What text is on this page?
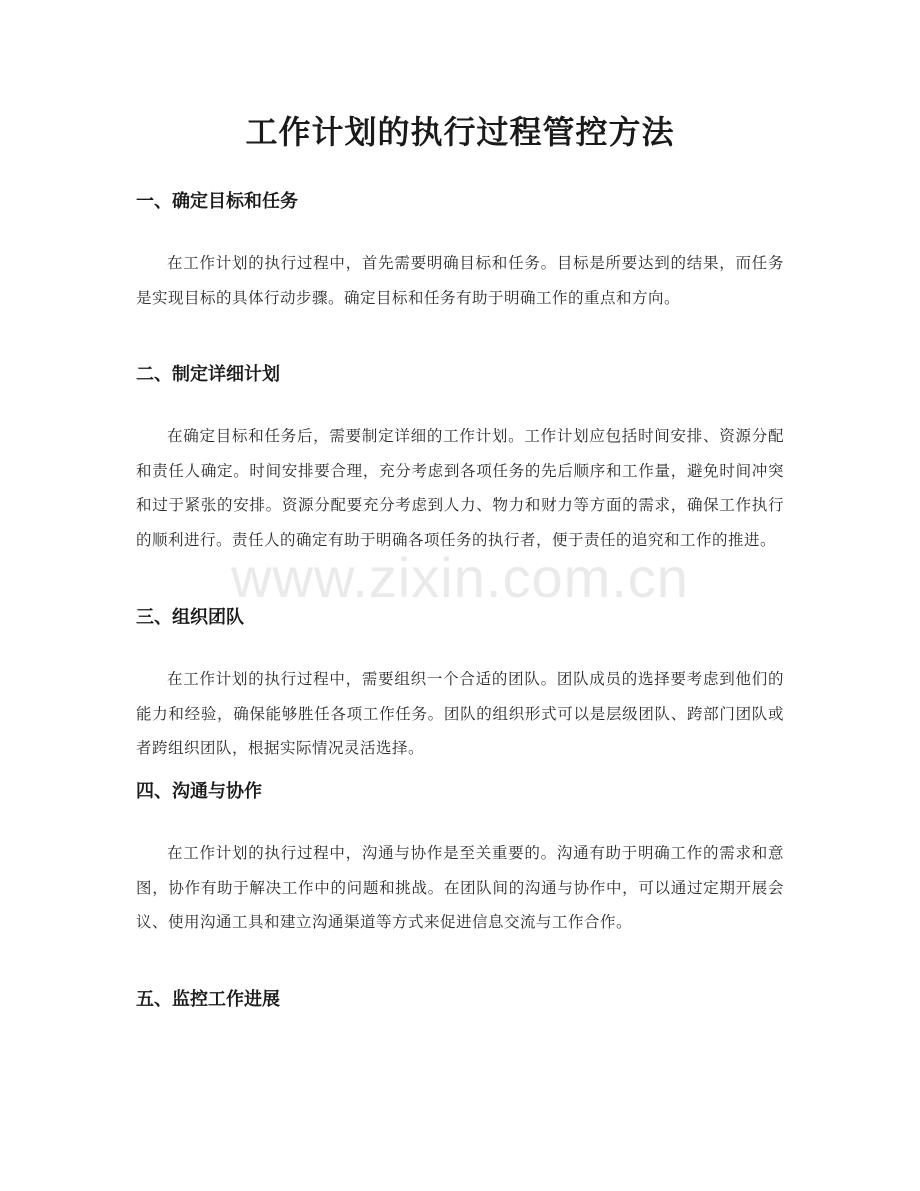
工作计划的执行过程管控方法
一、确定目标和任务

在工作计划的执行过程中，首先需要明确目标和任务。目标是所要达到的结果，而任务是实现目标的具体行动步骤。确定目标和任务有助于明确工作的重点和方向。

二、制定详细计划

在确定目标和任务后，需要制定详细的工作计划。工作计划应包括时间安排、资源分配和责任人确定。时间安排要合理，充分考虑到各项任务的先后顺序和工作量，避免时间冲突和过于紧张的安排。资源分配要充分考虑到人力、物力和财力等方面的需求，确保工作执行的顺利进行。责任人的确定有助于明确各项任务的执行者，便于责任的追究和工作的推进。

三、组织团队

在工作计划的执行过程中，需要组织一个合适的团队。团队成员的选择要考虑到他们的能力和经验，确保能够胜任各项工作任务。团队的组织形式可以是层级团队、跨部门团队或者跨组织团队，根据实际情况灵活选择。

四、沟通与协作

在工作计划的执行过程中，沟通与协作是至关重要的。沟通有助于明确工作的需求和意图，协作有助于解决工作中的问题和挑战。在团队间的沟通与协作中，可以通过定期开展会议、使用沟通工具和建立沟通渠道等方式来促进信息交流与工作合作。

五、监控工作进展
www.zixin.com.cn
